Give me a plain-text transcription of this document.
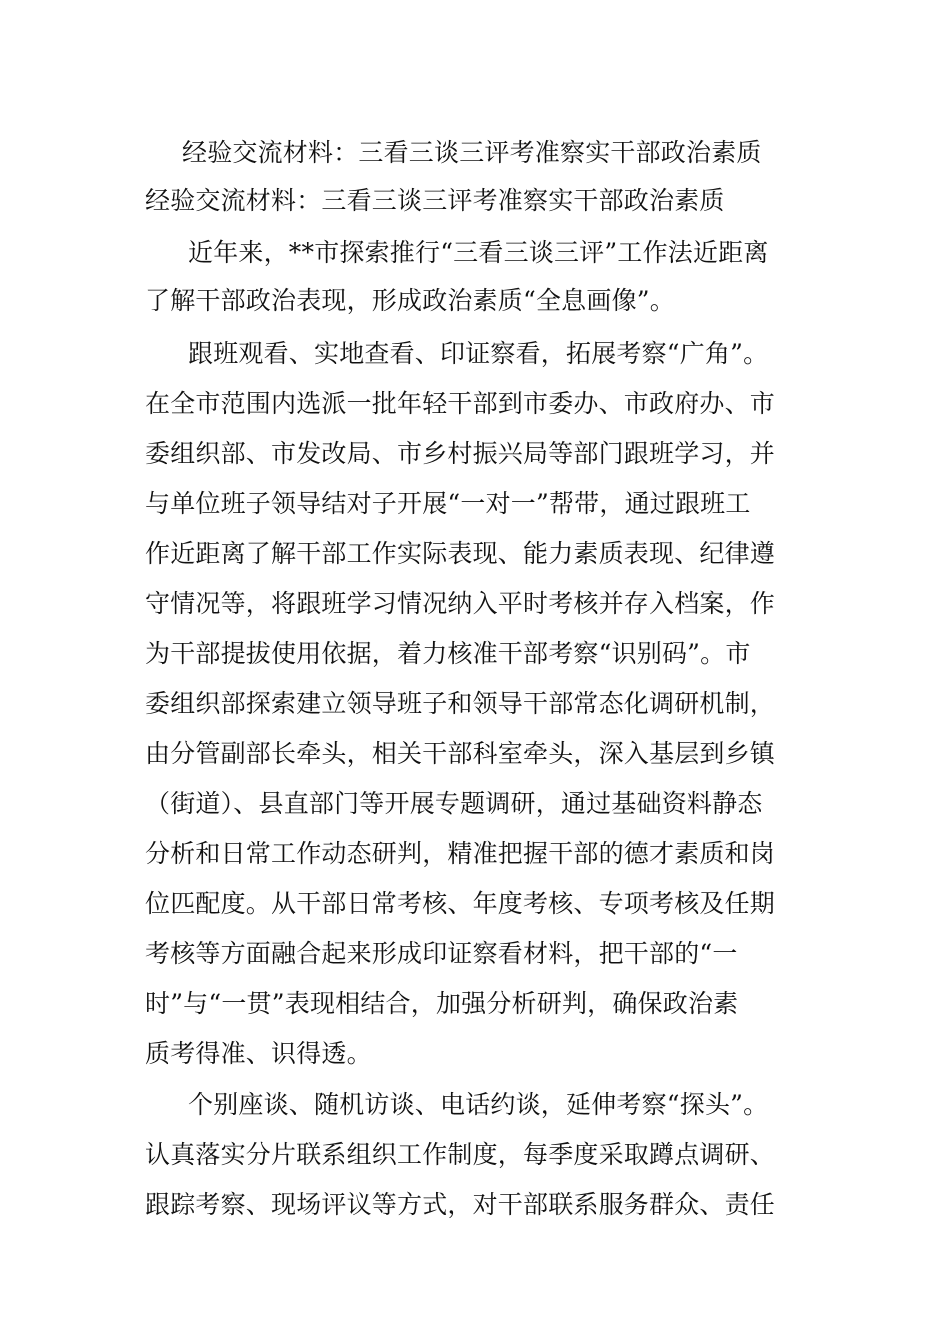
经验交流材料：三看三谈三评考准察实干部政治素质
经验交流材料：三看三谈三评考准察实干部政治素质
近年来，**市探索推行“三看三谈三评”工作法近距离
了解干部政治表现，形成政治素质“全息画像”。
跟班观看、实地查看、印证察看，拓展考察“广角”。
在全市范围内选派一批年轻干部到市委办、市政府办、市
委组织部、市发改局、市乡村振兴局等部门跟班学习，并
与单位班子领导结对子开展“一对一”帮带，通过跟班工
作近距离了解干部工作实际表现、能力素质表现、纪律遵
守情况等，将跟班学习情况纳入平时考核并存入档案，作
为干部提拔使用依据，着力核准干部考察“识别码”。市
委组织部探索建立领导班子和领导干部常态化调研机制，
由分管副部长牵头，相关干部科室牵头，深入基层到乡镇
（街道）、县直部门等开展专题调研，通过基础资料静态
分析和日常工作动态研判，精准把握干部的德才素质和岗
位匹配度。从干部日常考核、年度考核、专项考核及任期
考核等方面融合起来形成印证察看材料，把干部的“一
时”与“一贯”表现相结合，加强分析研判，确保政治素
质考得准、识得透。
个别座谈、随机访谈、电话约谈，延伸考察“探头”。
认真落实分片联系组织工作制度，每季度采取蹲点调研、
跟踪考察、现场评议等方式，对干部联系服务群众、责任
